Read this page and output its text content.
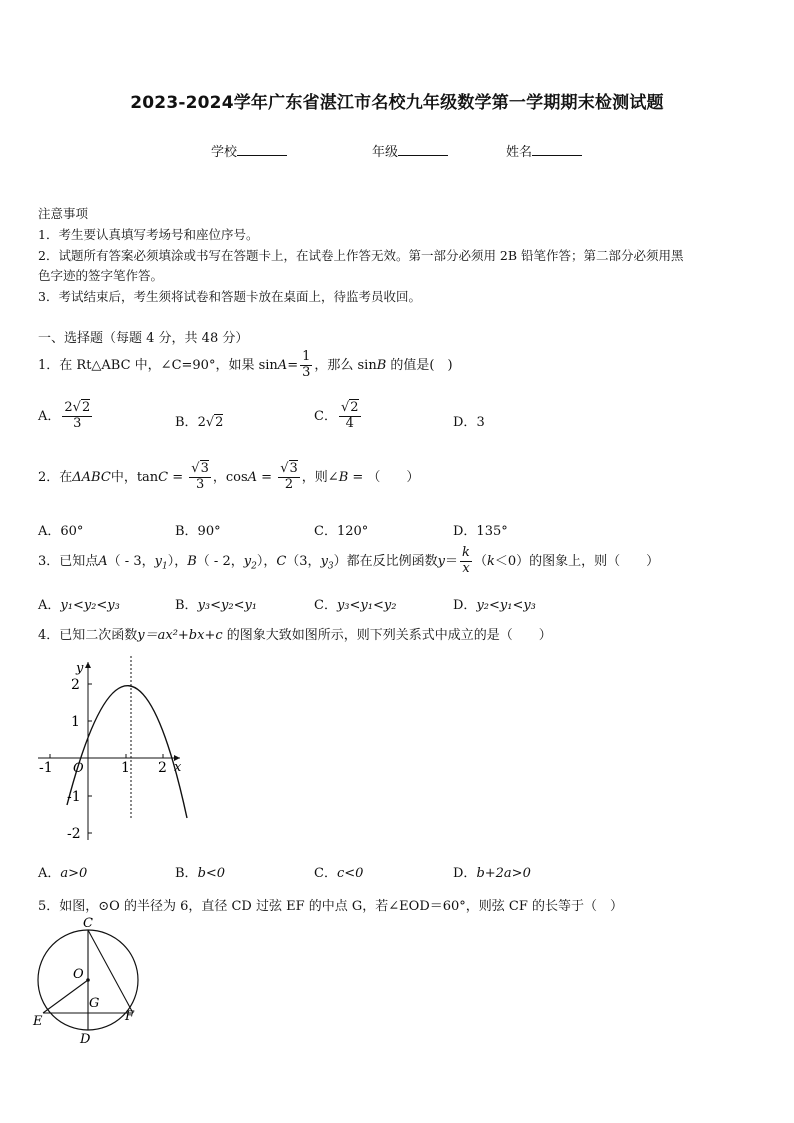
2023-2024学年广东省湛江市名校九年级数学第一学期期末检测试题
学校	年级	姓名
注意事项
1．考生要认真填写考场号和座位序号。
2．试题所有答案必须填涂或书写在答题卡上，在试卷上作答无效。第一部分必须用 2B 铅笔作答；第二部分必须用黑
色字迹的签字笔作答。
3．考试结束后，考生须将试卷和答题卡放在桌面上，待监考员收回。
一、选择题（每题 4 分，共 48 分）
1．在 Rt△ABC 中，∠C=90°，如果 $\sin A= \frac{1}{3}$ ，那么 sinB 的值是(　)
A． $\frac{2√2}{3}$	B．2√2	C． $\frac{√2}{4}$	D．3
2．在ΔABC中，$\tan C = \frac{√3}{3}$ ，$\cos A = \frac{√3}{2}$ ，则∠B = （　　）
A．60°	B．90°	C．120°	D．135°
3．已知点A（ - 3，$y_1$），B（ - 2，$y_2$），C（3，$y_3$）都在反比例函数$y= \frac{k}{x} (k<0)$的图象上，则（　　）
A．y₁<y₂<y₃	B．y₃<y₂<y₁	C．y₃<y₁<y₂	D．y₂<y₁<y₃
4．已知二次函数y＝ax²+bx+c 的图象大致如图所示，则下列关系式中成立的是（　　）
y
x
O
2
1
-1
-2
-1	1 2
A．a>0	B．b<0	C．c<0	D．b+2a>0
5．如图，⊙O 的半径为 6，直径 CD 过弦 EF 的中点 G，若∠EOD＝60°，则弦 CF 的长等于（　）
C
O
G
E	F
D
